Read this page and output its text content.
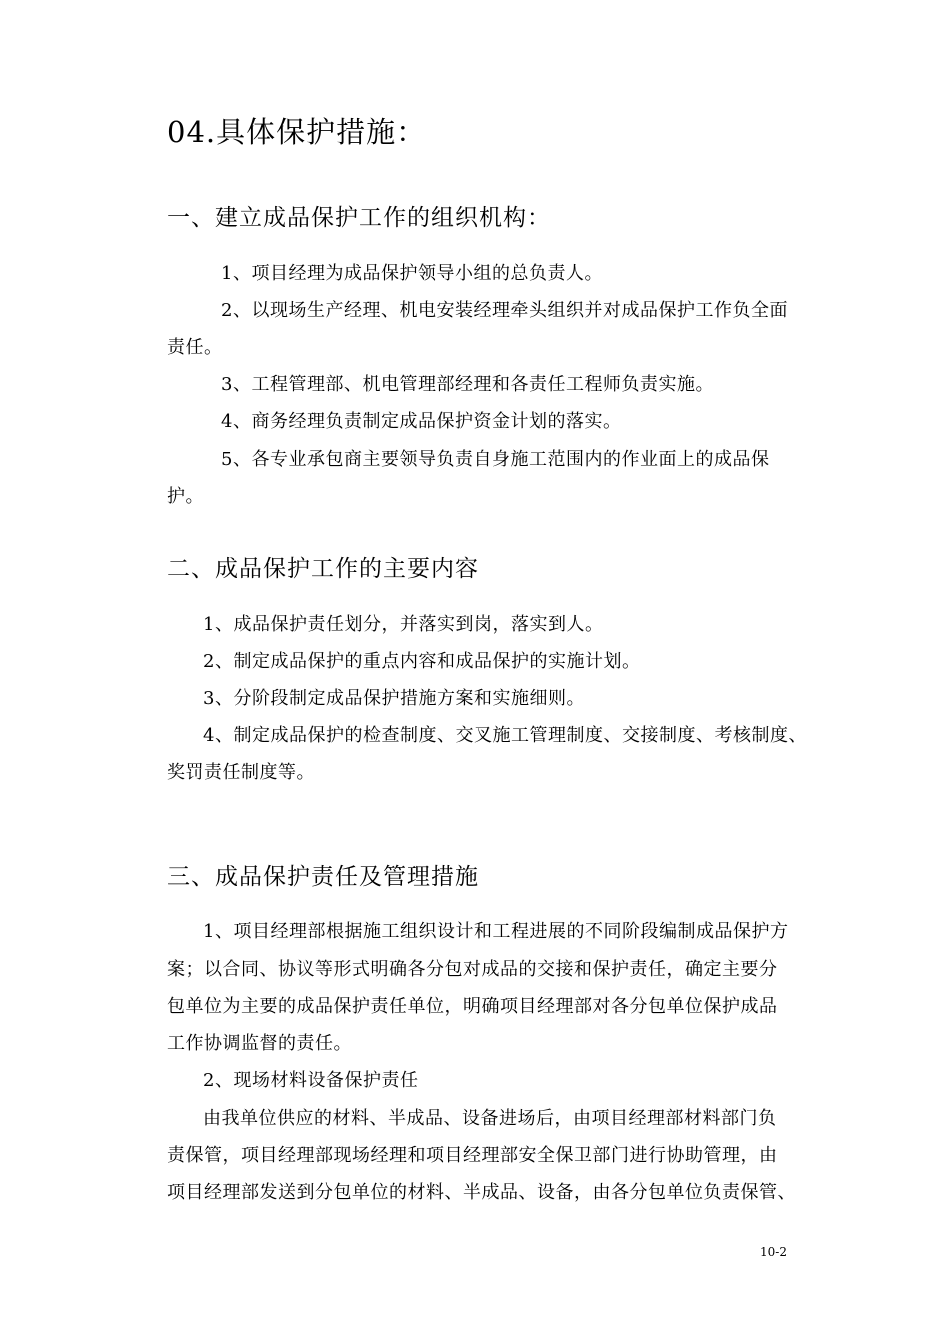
04.具体保护措施：
一、建立成品保护工作的组织机构：
1、项目经理为成品保护领导小组的总负责人。
2、以现场生产经理、机电安装经理牵头组织并对成品保护工作负全面
责任。
3、工程管理部、机电管理部经理和各责任工程师负责实施。
4、商务经理负责制定成品保护资金计划的落实。
5、各专业承包商主要领导负责自身施工范围内的作业面上的成品保
护。
二、成品保护工作的主要内容
1、成品保护责任划分，并落实到岗，落实到人。
2、制定成品保护的重点内容和成品保护的实施计划。
3、分阶段制定成品保护措施方案和实施细则。
4、制定成品保护的检查制度、交叉施工管理制度、交接制度、考核制度、
奖罚责任制度等。
三、成品保护责任及管理措施
1、项目经理部根据施工组织设计和工程进展的不同阶段编制成品保护方
案；以合同、协议等形式明确各分包对成品的交接和保护责任，确定主要分
包单位为主要的成品保护责任单位，明确项目经理部对各分包单位保护成品
工作协调监督的责任。
2、现场材料设备保护责任
由我单位供应的材料、半成品、设备进场后，由项目经理部材料部门负
责保管，项目经理部现场经理和项目经理部安全保卫部门进行协助管理，由
项目经理部发送到分包单位的材料、半成品、设备，由各分包单位负责保管、
10-2
